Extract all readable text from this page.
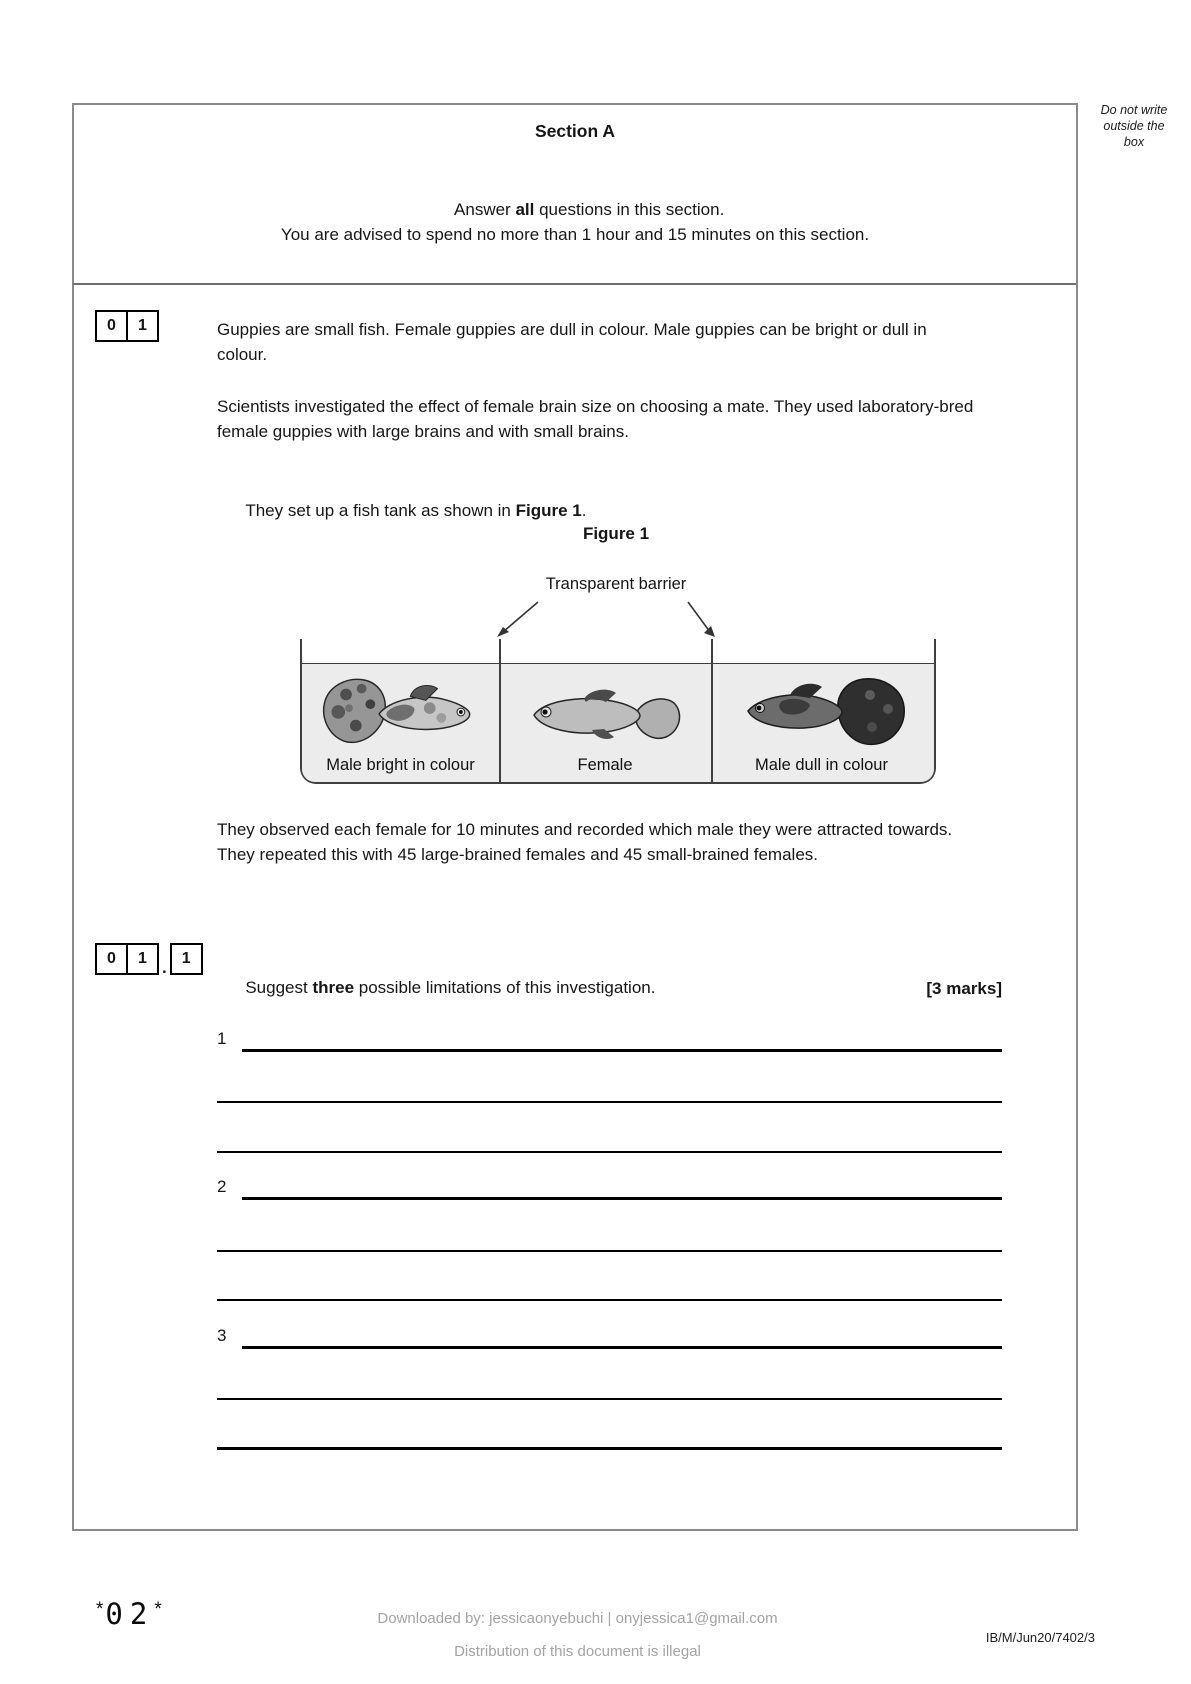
Do not write
outside the
box
Section A

Answer all questions in this section.

You are advised to spend no more than 1 hour and 15 minutes on this section.
0	1	Guppies are small fish. Female guppies are dull in colour. Male guppies can be bright or dull in colour.
Scientists investigated the effect of female brain size on choosing a mate. They used laboratory-bred female guppies with large brains and with small brains.

They set up a fish tank as shown in Figure 1.

Figure 1
Transparent barrier
Male bright in colour	Female	Male dull in colour
They observed each female for 10 minutes and recorded which male they were attracted towards.  They repeated this with 45 large-brained females and 45 small-brained females.
0	1 . 1

Suggest three possible limitations of this investigation.
	[3 marks]
1
2
3
*02*	Downloaded by: jessicaonyebuchi | onyjessica1@gmail.com
Distribution of this document is illegal
IB/M/Jun20/7402/3
